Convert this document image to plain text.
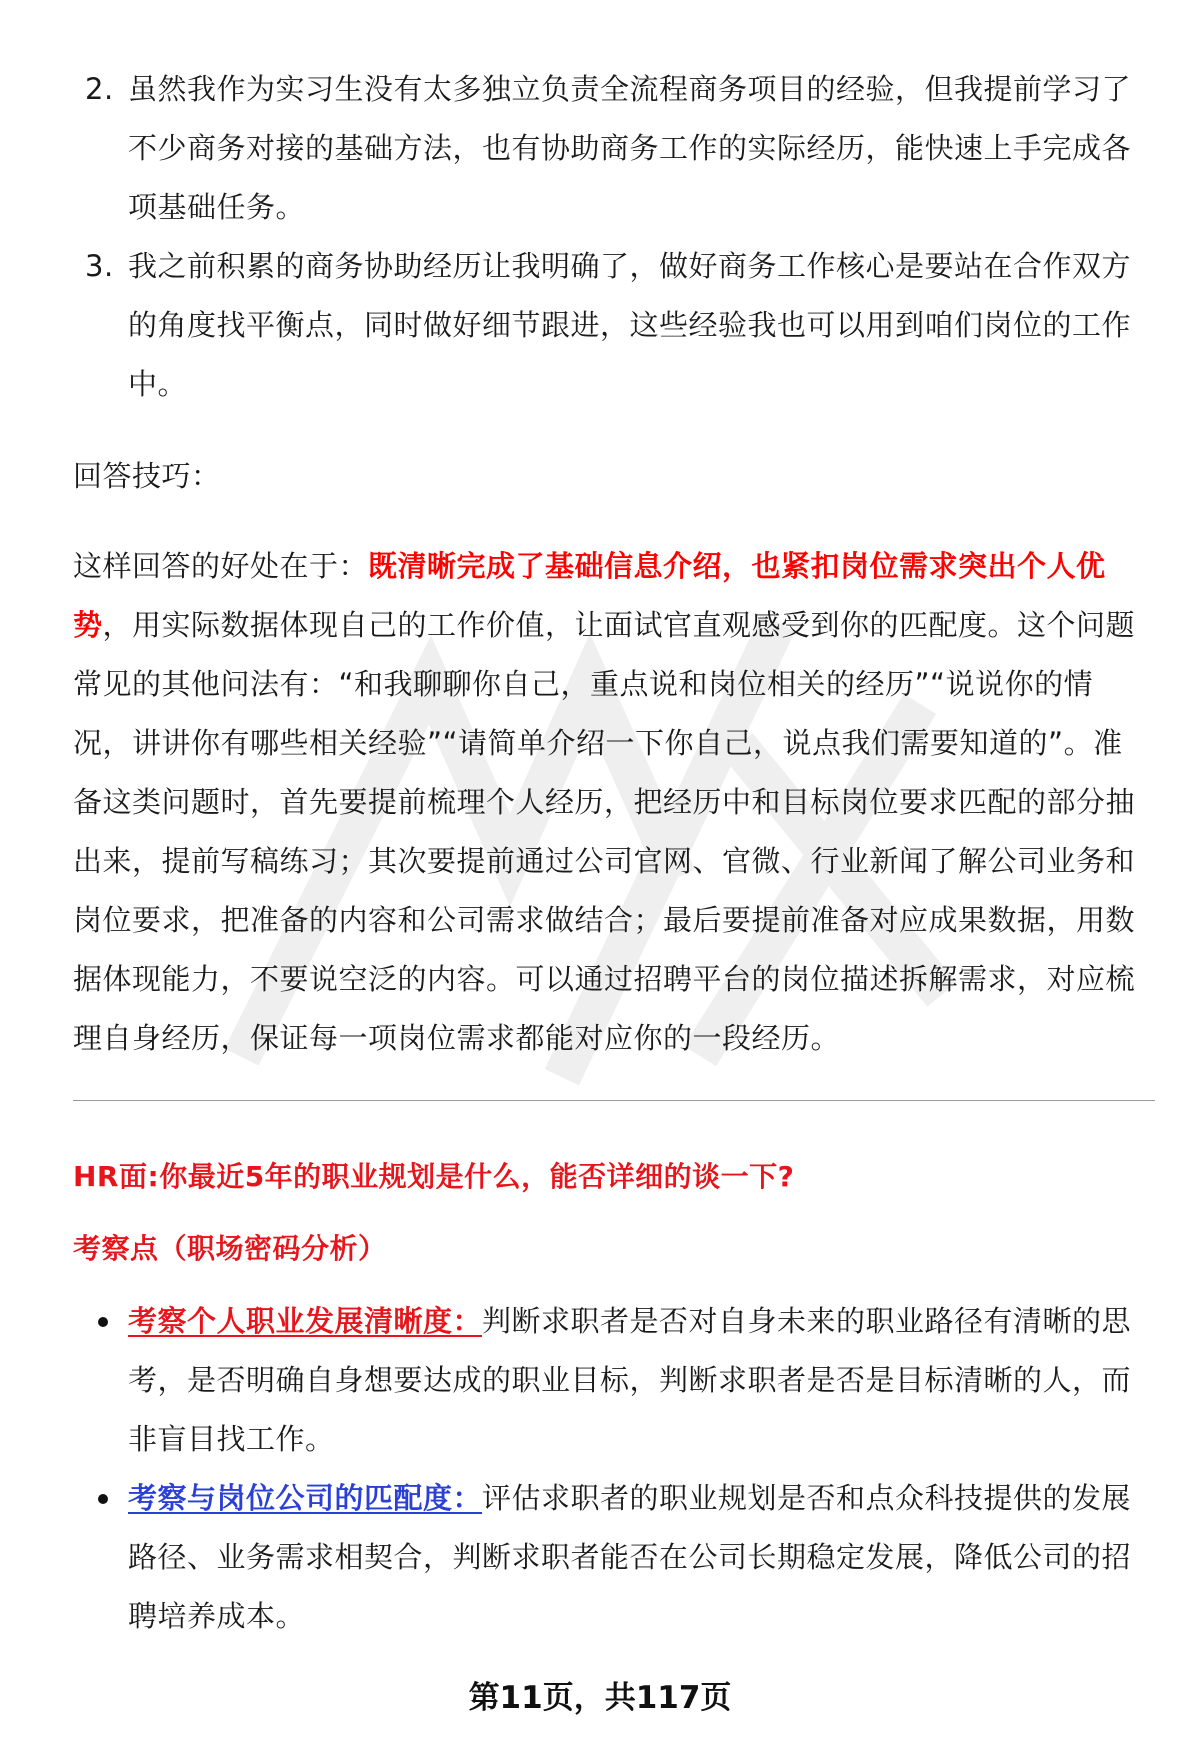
2. 虽然我作为实习生没有太多独立负责全流程商务项目的经验，但我提前学习了不少商务对接的基础方法，也有协助商务工作的实际经历，能快速上手完成各项基础任务。
3. 我之前积累的商务协助经历让我明确了，做好商务工作核心是要站在合作双方的角度找平衡点，同时做好细节跟进，这些经验我也可以用到咱们岗位的工作中。

回答技巧：

这样回答的好处在于：既清晰完成了基础信息介绍，也紧扣岗位需求突出个人优势，用实际数据体现自己的工作价值，让面试官直观感受到你的匹配度。这个问题常见的其他问法有：“和我聊聊你自己，重点说和岗位相关的经历”“说说你的情况，讲讲你有哪些相关经验”“请简单介绍一下你自己，说点我们需要知道的”。准备这类问题时，首先要提前梳理个人经历，把经历中和目标岗位要求匹配的部分抽出来，提前写稿练习；其次要提前通过公司官网、官微、行业新闻了解公司业务和岗位要求，把准备的内容和公司需求做结合；最后要提前准备对应成果数据，用数据体现能力，不要说空泛的内容。可以通过招聘平台的岗位描述拆解需求，对应梳理自身经历，保证每一项岗位需求都能对应你的一段经历。

HR面:你最近5年的职业规划是什么，能否详细的谈一下?

考察点（职场密码分析）

考察个人职业发展清晰度：判断求职者是否对自身未来的职业路径有清晰的思考，是否明确自身想要达成的职业目标，判断求职者是否是目标清晰的人，而非盲目找工作。
考察与岗位公司的匹配度：评估求职者的职业规划是否和点众科技提供的发展路径、业务需求相契合，判断求职者能否在公司长期稳定发展，降低公司的招聘培养成本。

第11页，共117页
